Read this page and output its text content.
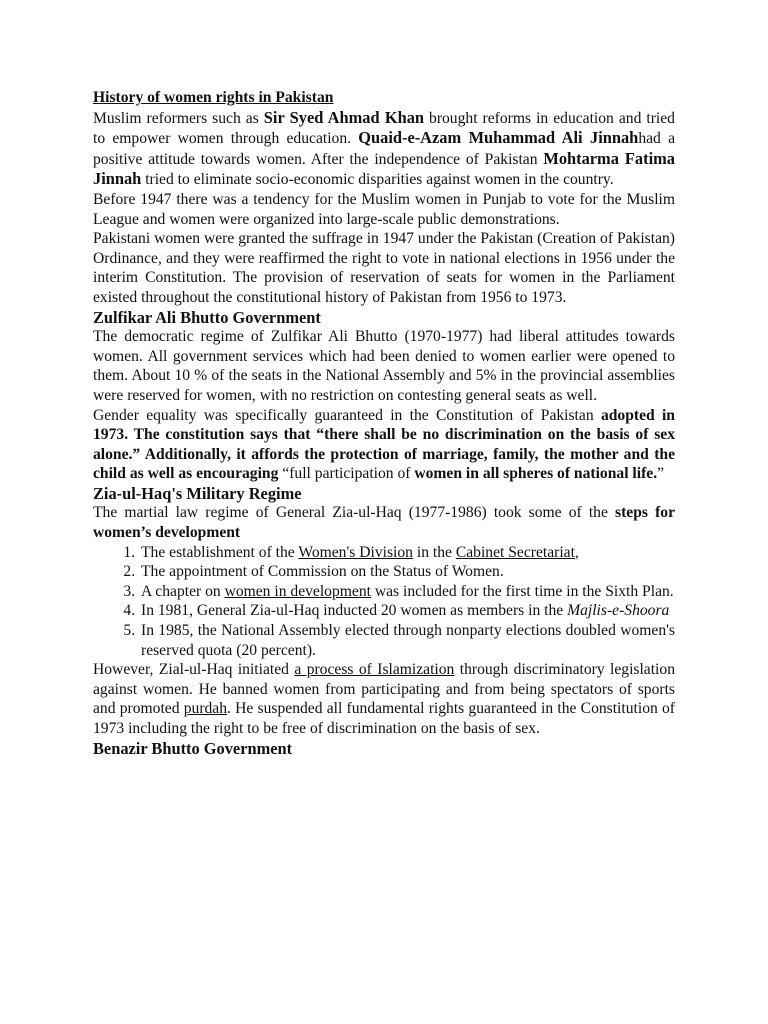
History of women rights in Pakistan

Muslim reformers such as Sir Syed Ahmad Khan brought reforms in education and tried to empower women through education. Quaid-e-Azam Muhammad Ali Jinnahhad a positive attitude towards women. After the independence of Pakistan Mohtarma Fatima Jinnah tried to eliminate socio-economic disparities against women in the country.

Before 1947 there was a tendency for the Muslim women in Punjab to vote for the Muslim League and women were organized into large-scale public demonstrations.

Pakistani women were granted the suffrage in 1947 under the Pakistan (Creation of Pakistan) Ordinance, and they were reaffirmed the right to vote in national elections in 1956 under the interim Constitution. The provision of reservation of seats for women in the Parliament existed throughout the constitutional history of Pakistan from 1956 to 1973.

Zulfikar Ali Bhutto Government

The democratic regime of Zulfikar Ali Bhutto (1970-1977) had liberal attitudes towards women. All government services which had been denied to women earlier were opened to them. About 10 % of the seats in the National Assembly and 5% in the provincial assemblies were reserved for women, with no restriction on contesting general seats as well.

Gender equality was specifically guaranteed in the Constitution of Pakistan adopted in 1973. The constitution says that “there shall be no discrimination on the basis of sex alone.” Additionally, it affords the protection of marriage, family, the mother and the child as well as encouraging “full participation of women in all spheres of national life.”

Zia-ul-Haq's Military Regime

The martial law regime of General Zia-ul-Haq (1977-1986) took some of the steps for women’s development

1. The establishment of the Women's Division in the Cabinet Secretariat,
2. The appointment of Commission on the Status of Women.
3. A chapter on women in development was included for the first time in the Sixth Plan.
4. In 1981, General Zia-ul-Haq inducted 20 women as members in the Majlis-e-Shoora
5. In 1985, the National Assembly elected through nonparty elections doubled women's reserved quota (20 percent).

However, Zial-ul-Haq initiated a process of Islamization through discriminatory legislation against women. He banned women from participating and from being spectators of sports and promoted purdah. He suspended all fundamental rights guaranteed in the Constitution of 1973 including the right to be free of discrimination on the basis of sex.

Benazir Bhutto Government
